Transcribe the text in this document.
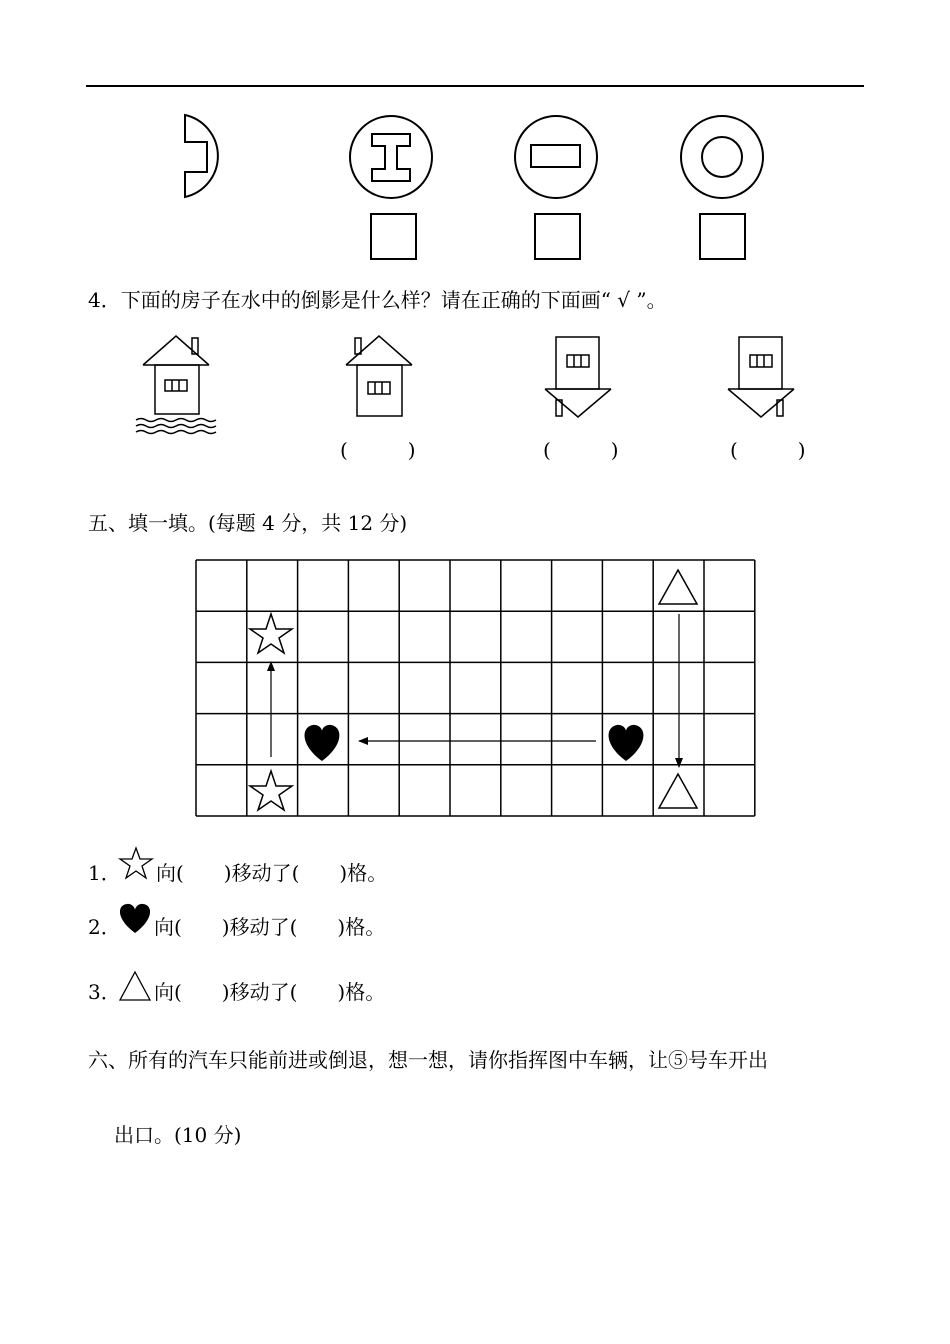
4．下面的房子在水中的倒影是什么样？请在正确的下面画“ √ ”。
(　　　)	(　　　)	(　　　)
五、填一填。(每题 4 分，共 12 分)
1． 向(　　)移动了(　　)格。
2． 向(　　)移动了(　　)格。
3． 向(　　)移动了(　　)格。
六、所有的汽车只能前进或倒退，想一想，请你指挥图中车辆，让⑤号车开出
出口。(10 分)
